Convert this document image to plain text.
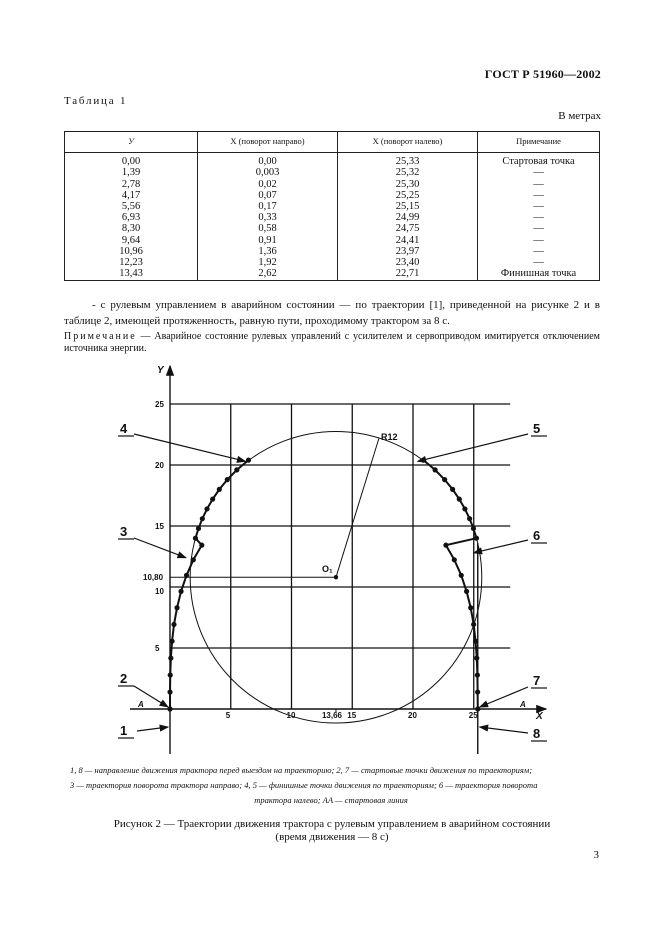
ГОСТ Р 51960—2002
Таблица 1
В метрах
У	X (поворот направо)	X (поворот налево)	Примечание
0,00	0,00	25,33	Стартовая точка
1,39	0,003	25,32	—
2,78	0,02	25,30	—
4,17	0,07	25,25	—
5,56	0,17	25,15	—
6,93	0,33	24,99	—
8,30	0,58	24,75	—
9,64	0,91	24,41	—
10,96	1,36	23,97	—
12,23	1,92	23,40	—
13,43	2,62	22,71	Финишная точка
- с рулевым управлением в аварийном состоянии — по траектории [1], приведенной на рисунке 2 и в таблице 2, имеющей протяженность, равную пути, проходимому трактором за 8 с.
Примечание — Аварийное состояние рулевых управлений с усилителем и сервоприводом имитируется отключением источника энергии.
5	10	13,66 15	20	25
5
10
10,80
15
20
25
X
Y
R12
O₁
A	A
1
2
3
4	5
6
7
8
1, 8 — направление движения трактора перед выездом на траекторию; 2, 7 — стартовые точки движения по траекториям;
3 — траектория поворота трактора направо; 4, 5 — финишные точки движения по траекториям; 6 — траектория поворота
трактора налево; AA — стартовая линия
Рисунок 2 — Траектории движения трактора с рулевым управлением в аварийном состоянии
(время движения — 8 с)
3
